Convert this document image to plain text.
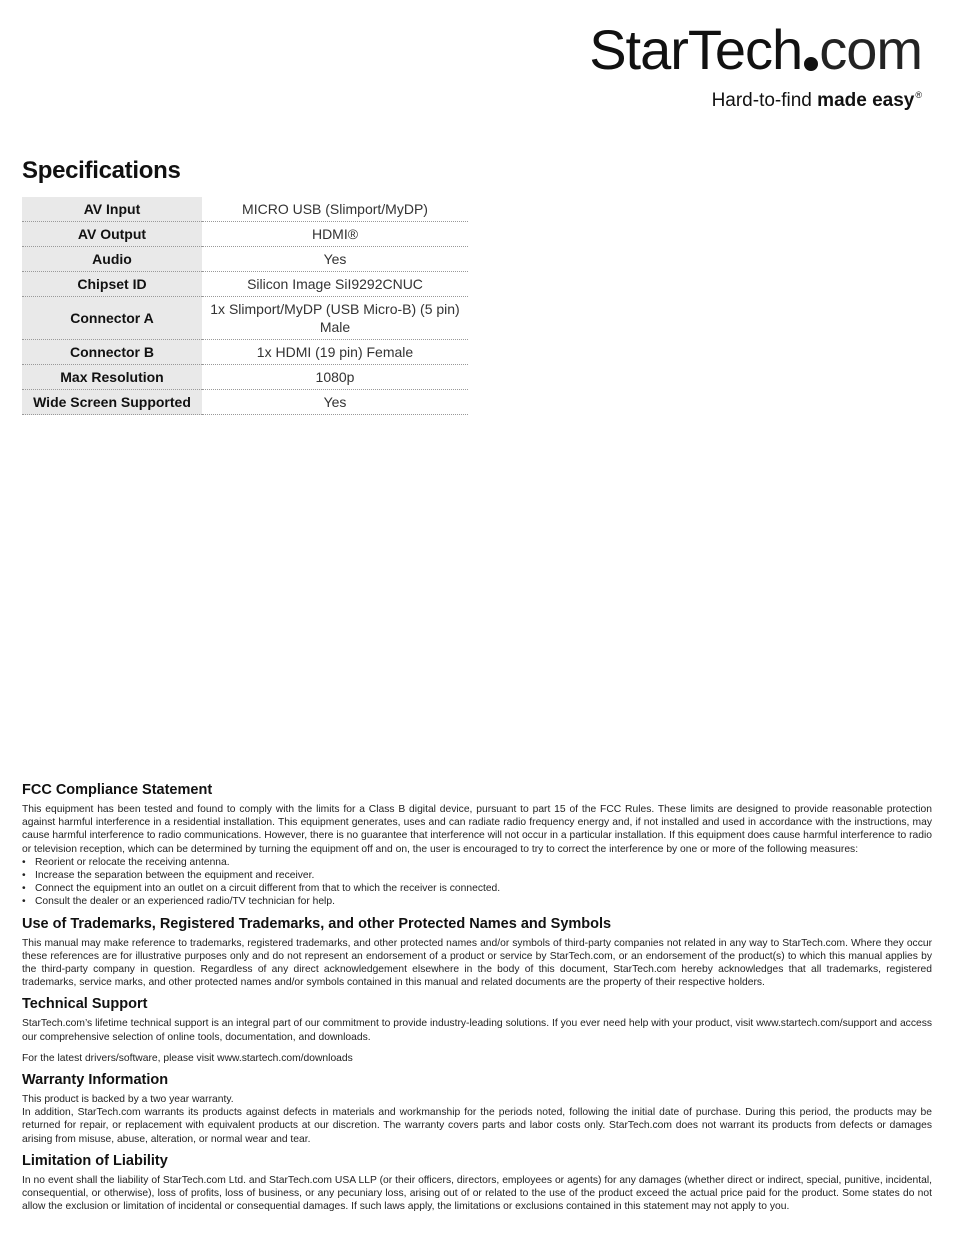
StarTech com
Hard-to-find made easy®
Specifications
AV Input	MICRO USB (Slimport/MyDP)
AV Output	HDMI®
Audio	Yes
Chipset ID	Silicon Image SiI9292CNUC
Connector A	1x Slimport/MyDP (USB Micro-B) (5 pin) Male
Connector B	1x HDMI (19 pin) Female
Max Resolution	1080p
Wide Screen Supported	Yes
FCC Compliance Statement

This equipment has been tested and found to comply with the limits for a Class B digital device, pursuant to part 15 of the FCC Rules. These limits are designed to provide reasonable protection against harmful interference in a residential installation. This equipment generates, uses and can radiate radio frequency energy and, if not installed and used in accordance with the instructions, may cause harmful interference to radio communications. However, there is no guarantee that interference will not occur in a particular installation. If this equipment does cause harmful interference to radio or television reception, which can be determined by turning the equipment off and on, the user is encouraged to try to correct the interference by one or more of the following measures:

• Reorient or relocate the receiving antenna.
• Increase the separation between the equipment and receiver.
• Connect the equipment into an outlet on a circuit different from that to which the receiver is connected.
• Consult the dealer or an experienced radio/TV technician for help.
Use of Trademarks, Registered Trademarks, and other Protected Names and Symbols

This manual may make reference to trademarks, registered trademarks, and other protected names and/or symbols of third-party companies not related in any way to StarTech.com. Where they occur these references are for illustrative purposes only and do not represent an endorsement of a product or service by StarTech.com, or an endorsement of the product(s) to which this manual applies by the third-party company in question. Regardless of any direct acknowledgement elsewhere in the body of this document, StarTech.com hereby acknowledges that all trademarks, registered trademarks, service marks, and other protected names and/or symbols contained in this manual and related documents are the property of their respective holders.

Technical Support

StarTech.com’s lifetime technical support is an integral part of our commitment to provide industry-leading solutions. If you ever need help with your product, visit www.startech.com/support and access our comprehensive selection of online tools, documentation, and downloads.

For the latest drivers/software, please visit www.startech.com/downloads

Warranty Information

This product is backed by a two year warranty.

In addition, StarTech.com warrants its products against defects in materials and workmanship for the periods noted, following the initial date of purchase. During this period, the products may be returned for repair, or replacement with equivalent products at our discretion. The warranty covers parts and labor costs only. StarTech.com does not warrant its products from defects or damages arising from misuse, abuse, alteration, or normal wear and tear.

Limitation of Liability

In no event shall the liability of StarTech.com Ltd. and StarTech.com USA LLP (or their officers, directors, employees or agents) for any damages (whether direct or indirect, special, punitive, incidental, consequential, or otherwise), loss of profits, loss of business, or any pecuniary loss, arising out of or related to the use of the product exceed the actual price paid for the product. Some states do not allow the exclusion or limitation of incidental or consequential damages. If such laws apply, the limitations or exclusions contained in this statement may not apply to you.
